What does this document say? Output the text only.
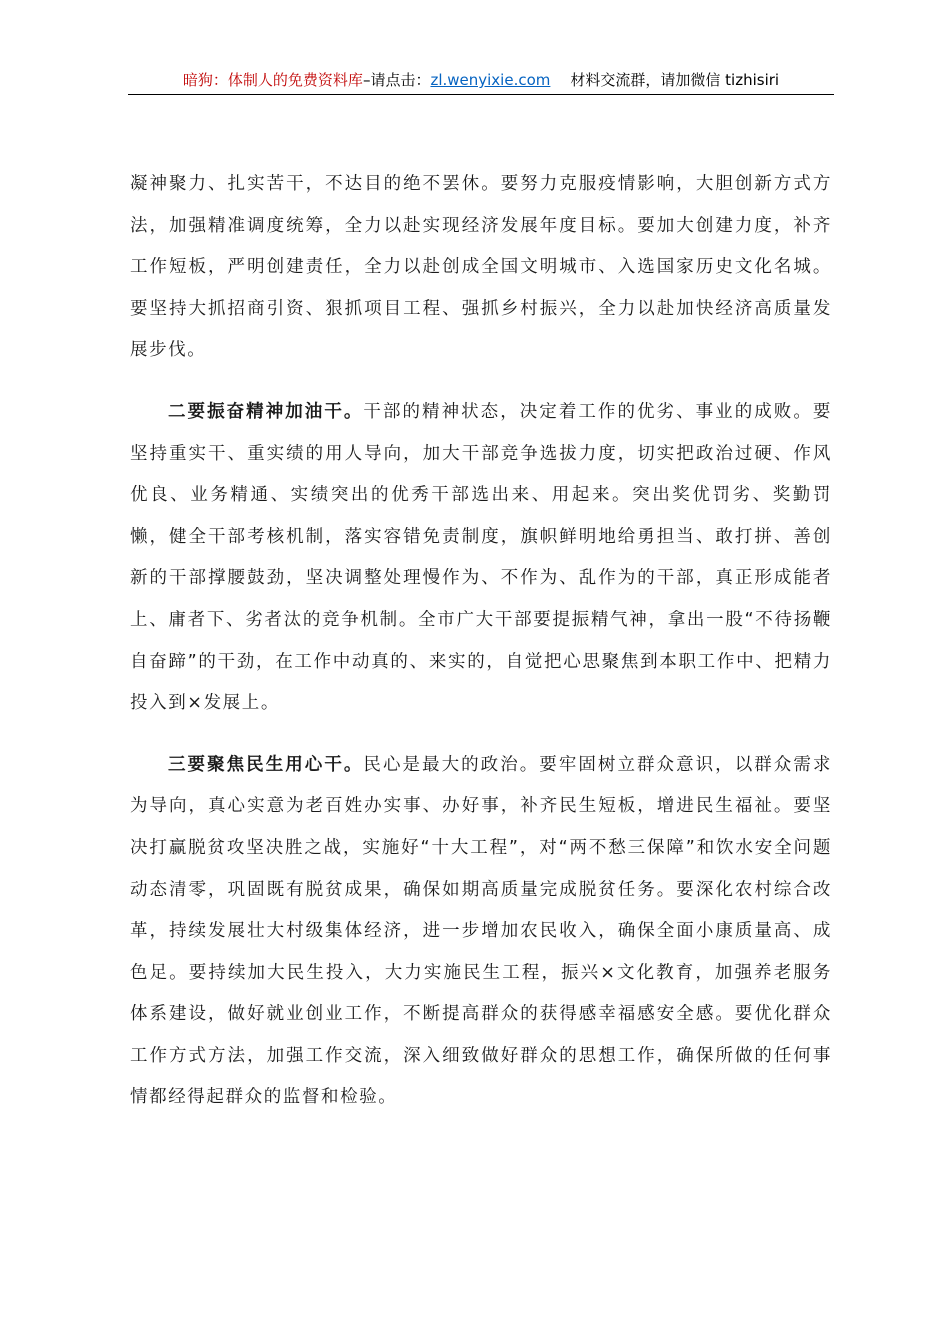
暗狗：体制人的免费资料库–请点击：zl.wenyixie.com 材料交流群，请加微信 tizhisiri

凝神聚力、扎实苦干，不达目的绝不罢休。要努力克服疫情影响，大胆创新方式方法，加强精准调度统筹，全力以赴实现经济发展年度目标。要加大创建力度，补齐工作短板，严明创建责任，全力以赴创成全国文明城市、入选国家历史文化名城。要坚持大抓招商引资、狠抓项目工程、强抓乡村振兴，全力以赴加快经济高质量发展步伐。

二要振奋精神加油干。干部的精神状态，决定着工作的优劣、事业的成败。要坚持重实干、重实绩的用人导向，加大干部竞争选拔力度，切实把政治过硬、作风优良、业务精通、实绩突出的优秀干部选出来、用起来。突出奖优罚劣、奖勤罚懒，健全干部考核机制，落实容错免责制度，旗帜鲜明地给勇担当、敢打拼、善创新的干部撑腰鼓劲，坚决调整处理慢作为、不作为、乱作为的干部，真正形成能者上、庸者下、劣者汰的竞争机制。全市广大干部要提振精气神，拿出一股“不待扬鞭自奋蹄”的干劲，在工作中动真的、来实的，自觉把心思聚焦到本职工作中、把精力投入到×发展上。

三要聚焦民生用心干。民心是最大的政治。要牢固树立群众意识，以群众需求为导向，真心实意为老百姓办实事、办好事，补齐民生短板，增进民生福祉。要坚决打赢脱贫攻坚决胜之战，实施好“十大工程”，对“两不愁三保障”和饮水安全问题动态清零，巩固既有脱贫成果，确保如期高质量完成脱贫任务。要深化农村综合改革，持续发展壮大村级集体经济，进一步增加农民收入，确保全面小康质量高、成色足。要持续加大民生投入，大力实施民生工程，振兴×文化教育，加强养老服务体系建设，做好就业创业工作，不断提高群众的获得感幸福感安全感。要优化群众工作方式方法，加强工作交流，深入细致做好群众的思想工作，确保所做的任何事情都经得起群众的监督和检验。
